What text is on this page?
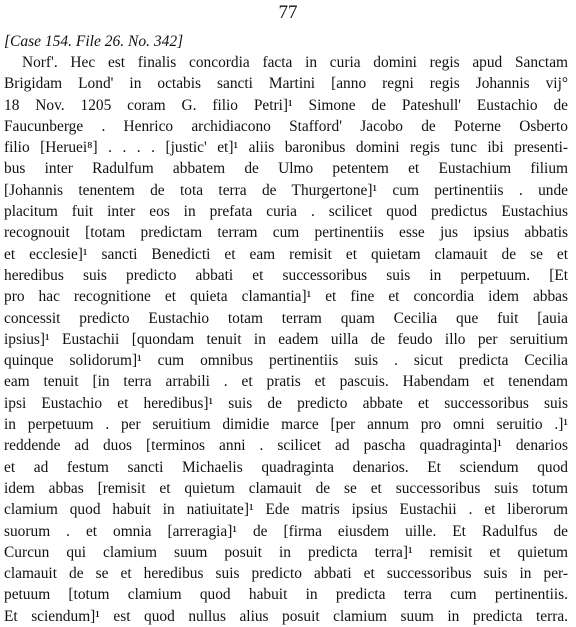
77
[Case 154. File 26. No. 342]
Norf'. Hec est finalis concordia facta in curia domini regis apud Sanctam
Brigidam Lond' in octabis sancti Martini [anno regni regis Johannis vij°
18 Nov. 1205 coram G. filio Petri]¹ Simone de Pateshull' Eustachio de
Faucunberge . Henrico archidiacono Stafford' Jacobo de Poterne Osberto
filio [Heruei⁸] . . . . [justic' et]¹ aliis baronibus domini regis tunc ibi presenti-
bus inter Radulfum abbatem de Ulmo petentem et Eustachium filium
[Johannis tenentem de tota terra de Thurgertone]¹ cum pertinentiis . unde
placitum fuit inter eos in prefata curia . scilicet quod predictus Eustachius
recognouit [totam predictam terram cum pertinentiis esse jus ipsius abbatis
et ecclesie]¹ sancti Benedicti et eam remisit et quietam clamauit de se et
heredibus suis predicto abbati et successoribus suis in perpetuum. [Et
pro hac recognitione et quieta clamantia]¹ et fine et concordia idem abbas
concessit predicto Eustachio totam terram quam Cecilia que fuit [auia
ipsius]¹ Eustachii [quondam tenuit in eadem uilla de feudo illo per seruitium
quinque solidorum]¹ cum omnibus pertinentiis suis . sicut predicta Cecilia
eam tenuit [in terra arrabili . et pratis et pascuis. Habendam et tenendam
ipsi Eustachio et heredibus]¹ suis de predicto abbate et successoribus suis
in perpetuum . per seruitium dimidie marce [per annum pro omni seruitio .]¹
reddende ad duos [terminos anni . scilicet ad pascha quadraginta]¹ denarios
et ad festum sancti Michaelis quadraginta denarios. Et sciendum quod
idem abbas [remisit et quietum clamauit de se et successoribus suis totum
clamium quod habuit in natiuitate]¹ Ede matris ipsius Eustachii . et liberorum
suorum . et omnia [arreragia]¹ de [firma eiusdem uille. Et Radulfus de
Curcun qui clamium suum posuit in predicta terra]¹ remisit et quietum
clamauit de se et heredibus suis predicto abbati et successoribus suis in per-
petuum [totum clamium quod habuit in predicta terra cum pertinentiis.
Et sciendum]¹ est quod nullus alius posuit clamium suum in predicta terra.
